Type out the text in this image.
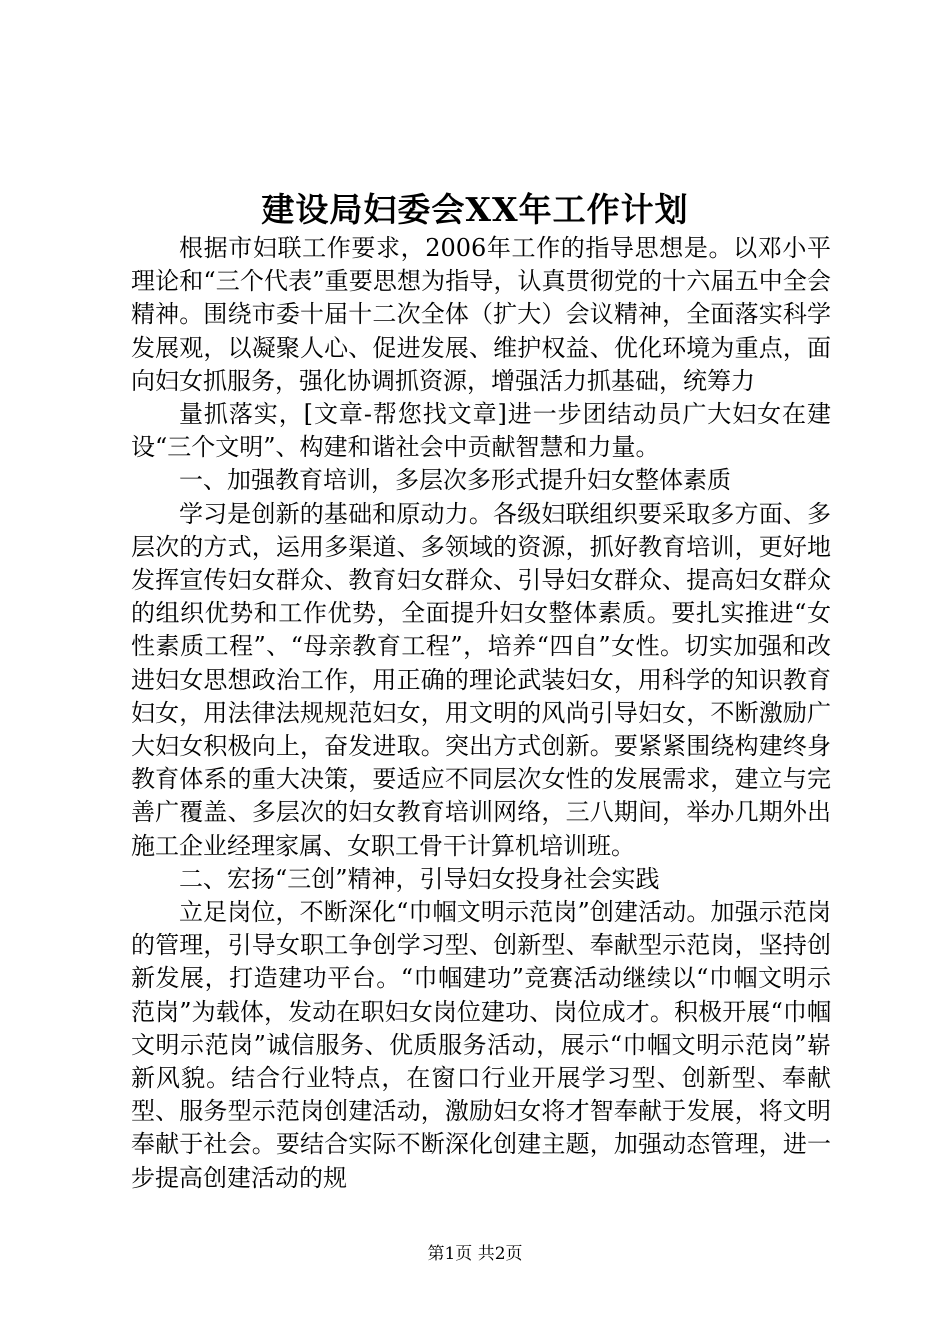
建设局妇委会XX年工作计划

根据市妇联工作要求，2006年工作的指导思想是。以邓小平理论和“三个代表”重要思想为指导，认真贯彻党的十六届五中全会精神。围绕市委十届十二次全体（扩大）会议精神，全面落实科学发展观，以凝聚人心、促进发展、维护权益、优化环境为重点，面向妇女抓服务，强化协调抓资源，增强活力抓基础，统筹力

量抓落实，[文章-帮您找文章]进一步团结动员广大妇女在建设“三个文明”、构建和谐社会中贡献智慧和力量。

一、加强教育培训，多层次多形式提升妇女整体素质

学习是创新的基础和原动力。各级妇联组织要采取多方面、多层次的方式，运用多渠道、多领域的资源，抓好教育培训，更好地发挥宣传妇女群众、教育妇女群众、引导妇女群众、提高妇女群众的组织优势和工作优势，全面提升妇女整体素质。要扎实推进“女性素质工程”、“母亲教育工程”，培养“四自”女性。切实加强和改进妇女思想政治工作，用正确的理论武装妇女，用科学的知识教育妇女，用法律法规规范妇女，用文明的风尚引导妇女，不断激励广大妇女积极向上，奋发进取。突出方式创新。要紧紧围绕构建终身教育体系的重大决策，要适应不同层次女性的发展需求，建立与完善广覆盖、多层次的妇女教育培训网络，三八期间，举办几期外出施工企业经理家属、女职工骨干计算机培训班。

二、宏扬“三创”精神，引导妇女投身社会实践

立足岗位，不断深化“巾帼文明示范岗”创建活动。加强示范岗的管理，引导女职工争创学习型、创新型、奉献型示范岗，坚持创新发展，打造建功平台。“巾帼建功”竞赛活动继续以“巾帼文明示范岗”为载体，发动在职妇女岗位建功、岗位成才。积极开展“巾帼文明示范岗”诚信服务、优质服务活动，展示“巾帼文明示范岗”崭新风貌。结合行业特点，在窗口行业开展学习型、创新型、奉献型、服务型示范岗创建活动，激励妇女将才智奉献于发展，将文明奉献于社会。要结合实际不断深化创建主题，加强动态管理，进一步提高创建活动的规

第1页 共2页
